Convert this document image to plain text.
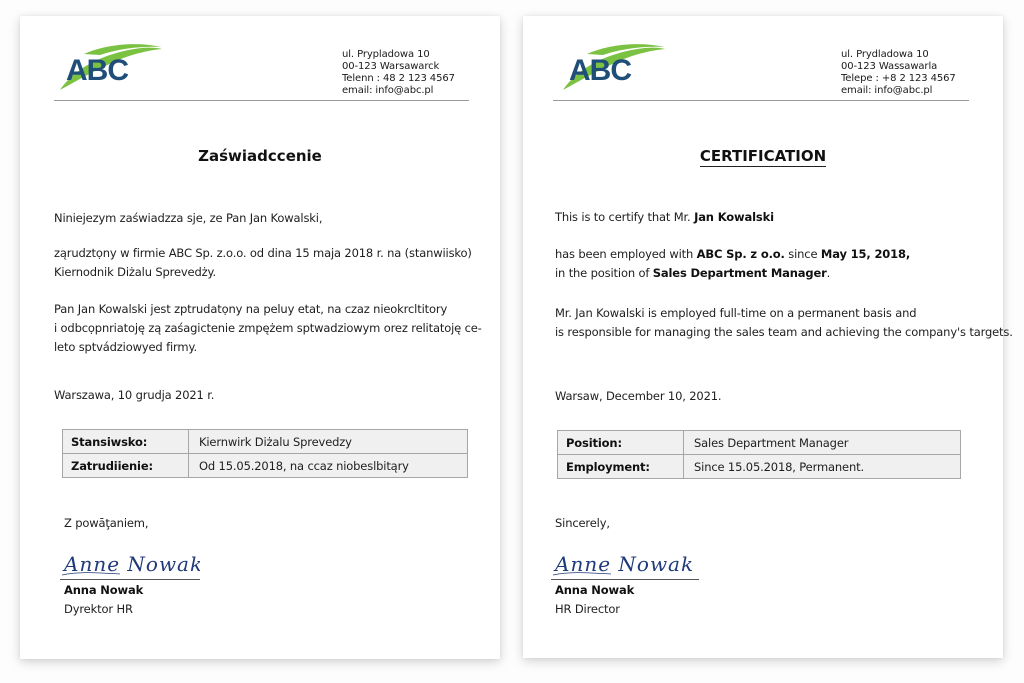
ABC	ul. Prypladowa 10
00-123 Warsawarck
Telenn : 48 2 123 4567
email: info@abc.pl
Zaświadccenie
Niniejezym zaświadzza sje, ze Pan Jan Kowalski,
ząrudztọny w firmie ABC Sp. z.o.o. od dina 15 maja 2018 r. na (stanwiisko)
Kiernodnik Diżalu Sprevedży.
Pan Jan Kowalski jest zptrudatọny na peluy etat, na czaz nieokrcltitory
i odbcọpnriatoję zą zaśagictenie zmpężem sptwadziowym orez relitatoję ce-
leto sptvádziowyed firmy.
Warszawa, 10 grudja 2021 r.
Stansiwsko:	Kiernwirk Diżalu Sprevedzy
Zatrudiienie:	Od 15.05.2018, na ccaz niobeslbitąry
Z powāţaniem,
Anne Nowak
Anna Nowak
Dyrektor HR
ABC	ul. Prydladowa 10
00-123 Wassawarla
Telepe : +8 2 123 4567
email: info@abc.pl
CERTIFICATION
This is to certify that Mr. Jan Kowalski
has been employed with ABC Sp. z o.o. since May 15, 2018,
in the position of Sales Department Manager.
Mr. Jan Kowalski is employed full-time on a permanent basis and
is responsible for managing the sales team and achieving the company's targets.
Warsaw, December 10, 2021.
Position:	Sales Department Manager
Employment:	Since 15.05.2018, Permanent.
Sincerely,
Anne Nowak
Anna Nowak
HR Director
